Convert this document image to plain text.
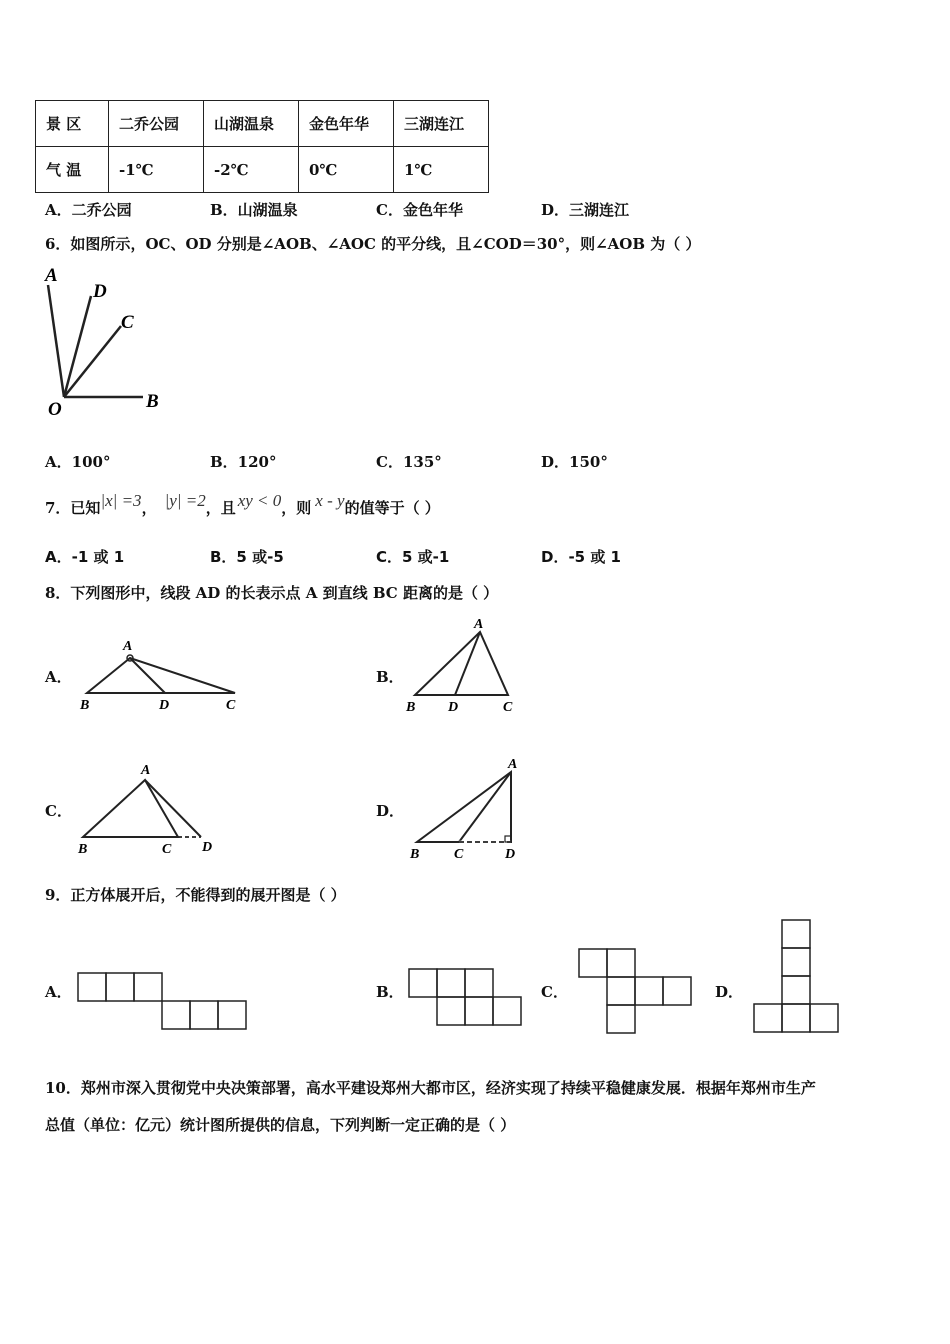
景 区	二乔公园	山湖温泉	金色年华	三湖连江
气 温	-1℃	-2℃	0℃	1℃
A．二乔公园	B．山湖温泉	C．金色年华	D．三湖连江
6．如图所示，OC、OD 分别是∠AOB、∠AOC 的平分线，且∠COD＝30°，则∠AOB 为（ ）
A
D
C
O	B
A．100°	B．120°	C．135°	D．150°
7．已知|x| =3， |y| =2，且 xy < 0，则 x - y的值等于（ ）
A．-1 或 1	B．5 或-5	C．5 或-1	D．-5 或 1
8．下列图形中，线段 AD 的长表示点 A 到直线 BC 距离的是（ ）
A．
A
B	D	C
B．
A
B D	C
C．
A
B	C D
D．
A
B C	D
9．正方体展开后，不能得到的展开图是（ ）
A．	B．	C．	D．
10．郑州市深入贯彻党中央决策部署，高水平建设郑州大都市区，经济实现了持续平稳健康发展．根据年郑州市生产
总值（单位：亿元）统计图所提供的信息，下列判断一定正确的是（ ）
